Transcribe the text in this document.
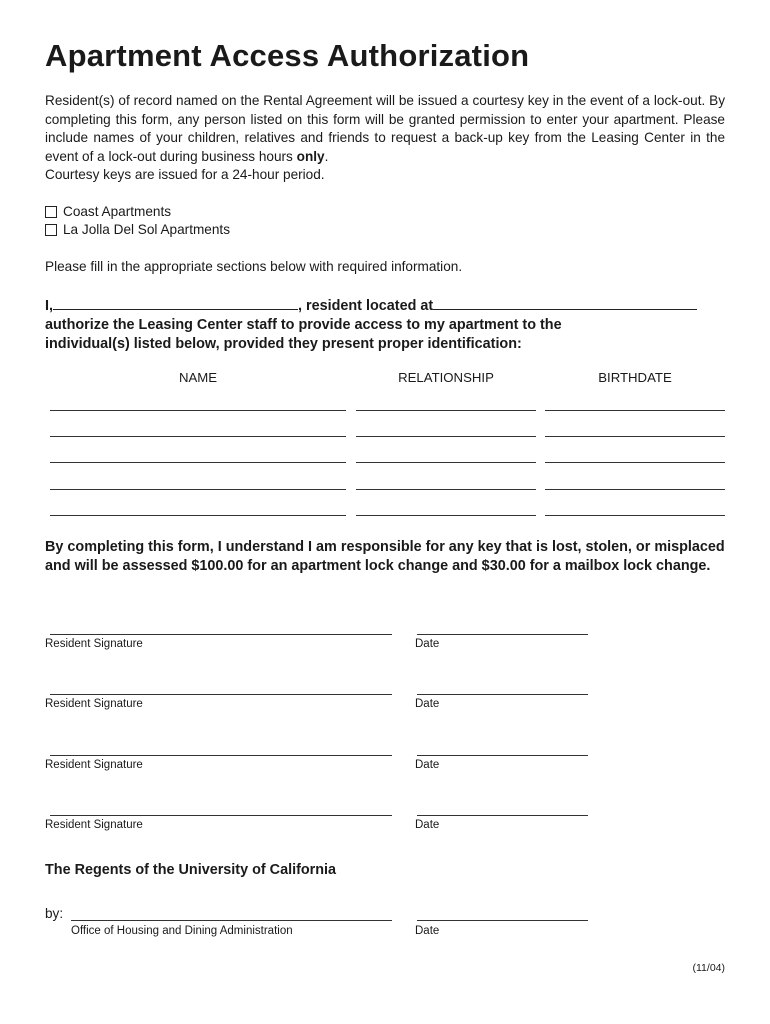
Apartment Access Authorization

Resident(s) of record named on the Rental Agreement will be issued a courtesy key in the event of a lock-out. By completing this form, any person listed on this form will be granted permission to enter your apartment. Please include names of your children, relatives and friends to request a back-up key from the Leasing Center in the event of a lock-out during business hours only.

Courtesy keys are issued for a 24-hour period.

Coast Apartments
La Jolla Del Sol Apartments
Please fill in the appropriate sections below with required information.
I,	, resident located at
authorize the Leasing Center staff to provide access to my apartment to the
individual(s) listed below, provided they present proper identification:
NAME	RELATIONSHIP	BIRTHDATE
By completing this form, I understand I am responsible for any key that is lost, stolen, or misplaced and will be assessed $100.00 for an apartment lock change and $30.00 for a mailbox lock change.
Resident Signature	Date
Resident Signature	Date
Resident Signature	Date
Resident Signature	Date
The Regents of the University of California
by:
Office of Housing and Dining Administration	Date
(11/04)
